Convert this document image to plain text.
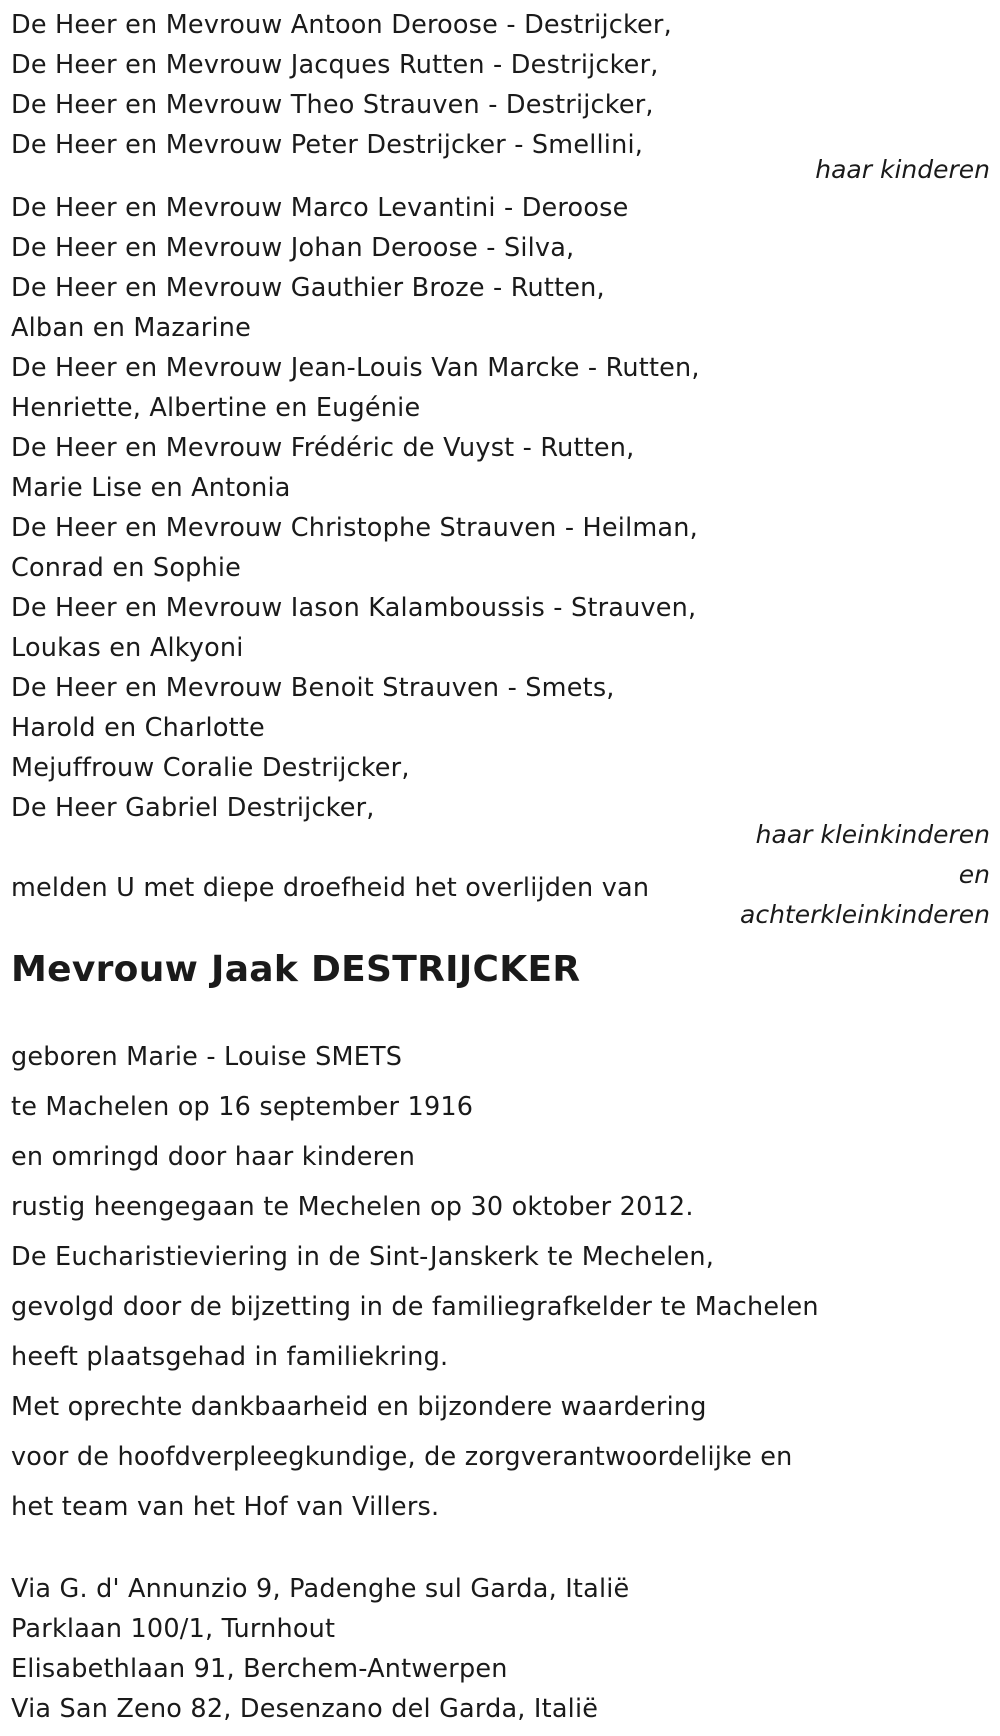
De Heer en Mevrouw Antoon Deroose - Destrijcker,
De Heer en Mevrouw Jacques Rutten - Destrijcker,
De Heer en Mevrouw Theo Strauven - Destrijcker,
De Heer en Mevrouw Peter Destrijcker - Smellini,
haar kinderen
De Heer en Mevrouw Marco Levantini - Deroose
De Heer en Mevrouw Johan Deroose - Silva,
De Heer en Mevrouw Gauthier Broze - Rutten,
Alban en Mazarine
De Heer en Mevrouw Jean-Louis Van Marcke - Rutten,
Henriette, Albertine en Eugénie
De Heer en Mevrouw Frédéric de Vuyst - Rutten,
Marie Lise en Antonia
De Heer en Mevrouw Christophe Strauven - Heilman,
Conrad en Sophie
De Heer en Mevrouw Iason Kalamboussis - Strauven,
Loukas en Alkyoni
De Heer en Mevrouw Benoit Strauven - Smets,
Harold en Charlotte
Mejuffrouw Coralie Destrijcker,
De Heer Gabriel Destrijcker,
haar kleinkinderen
en
achterkleinkinderen
melden U met diepe droefheid het overlijden van
Mevrouw Jaak DESTRIJCKER
geboren Marie - Louise SMETS
te Machelen op 16 september 1916
en omringd door haar kinderen
rustig heengegaan te Mechelen op 30 oktober 2012.
De Eucharistieviering in de Sint-Janskerk te Mechelen,
gevolgd door de bijzetting in de familiegrafkelder te Machelen
heeft plaatsgehad in familiekring.
Met oprechte dankbaarheid en bijzondere waardering
voor de hoofdverpleegkundige, de zorgverantwoordelijke en
het team van het Hof van Villers.
Via G. d' Annunzio 9, Padenghe sul Garda, Italië
Parklaan 100/1, Turnhout
Elisabethlaan 91, Berchem-Antwerpen
Via San Zeno 82, Desenzano del Garda, Italië
